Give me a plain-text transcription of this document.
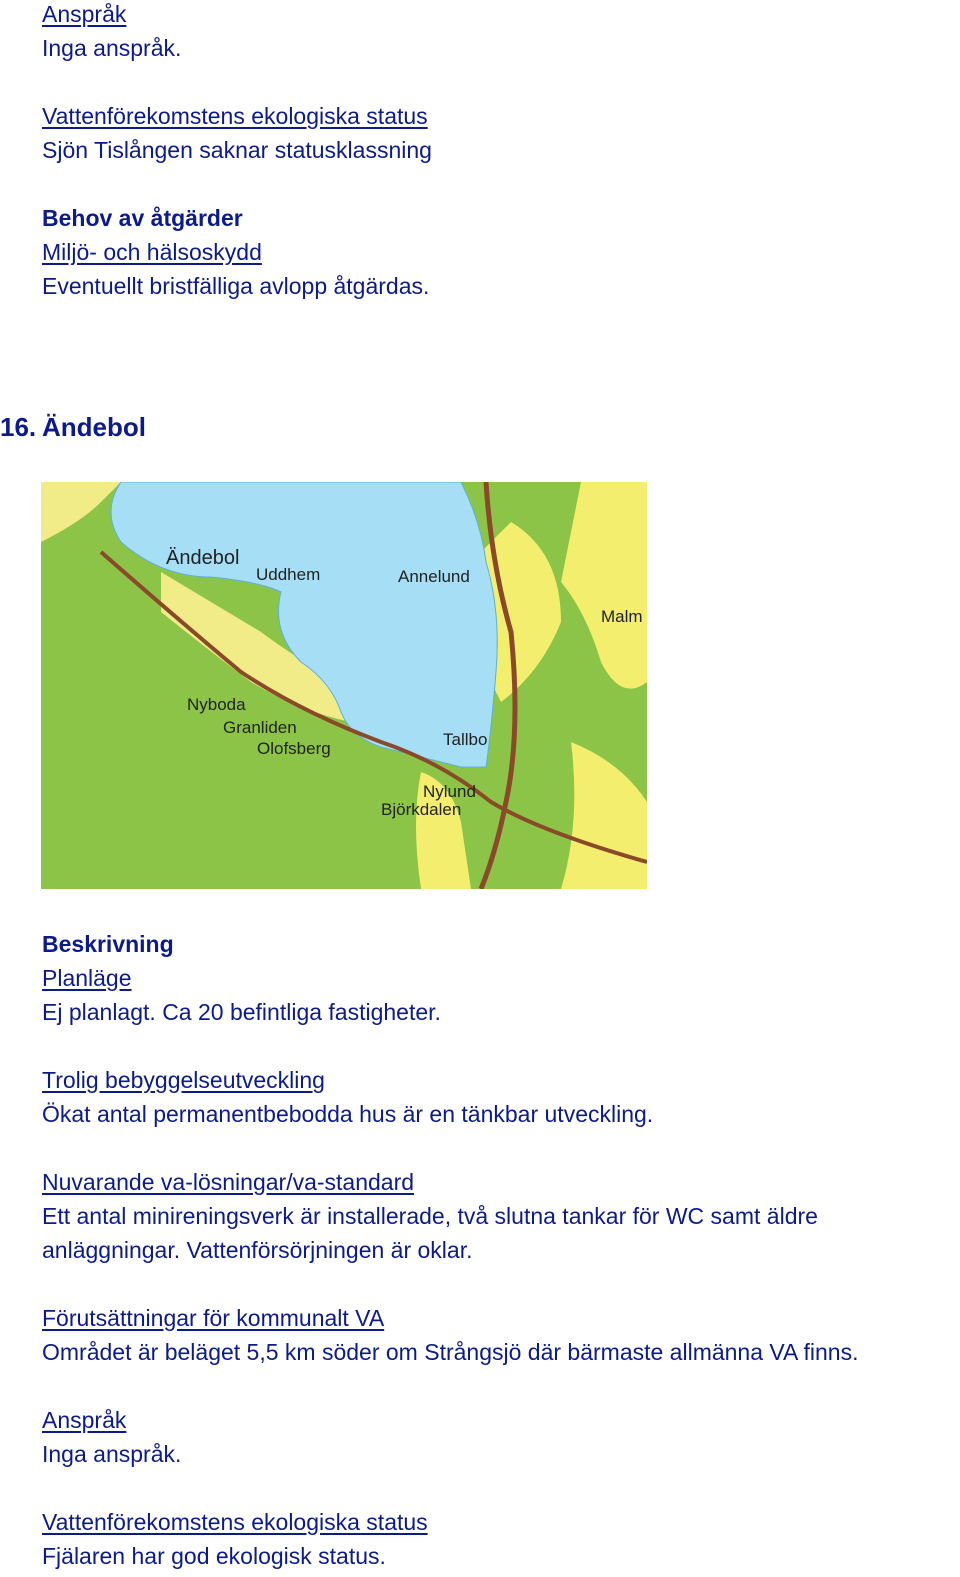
Anspråk
Inga anspråk.
Vattenförekomstens ekologiska status
Sjön Tislången saknar statusklassning
Behov av åtgärder
Miljö- och hälsoskydd
Eventuellt bristfälliga avlopp åtgärdas.
16. Ändebol
Ändebol
Uddhem	Annelund
Malm
Nyboda
Granliden
Olofsberg	Tallbo
Nylund
Björkdalen
Beskrivning
Planläge
Ej planlagt. Ca 20 befintliga fastigheter.
Trolig bebyggelseutveckling
Ökat antal permanentbebodda hus är en tänkbar utveckling.
Nuvarande va-lösningar/va-standard
Ett antal minireningsverk är installerade, två slutna tankar för WC samt äldre
anläggningar. Vattenförsörjningen är oklar.
Förutsättningar för kommunalt VA
Området är beläget 5,5 km söder om Strångsjö där bärmaste allmänna VA finns.
Anspråk
Inga anspråk.
Vattenförekomstens ekologiska status
Fjälaren har god ekologisk status.
